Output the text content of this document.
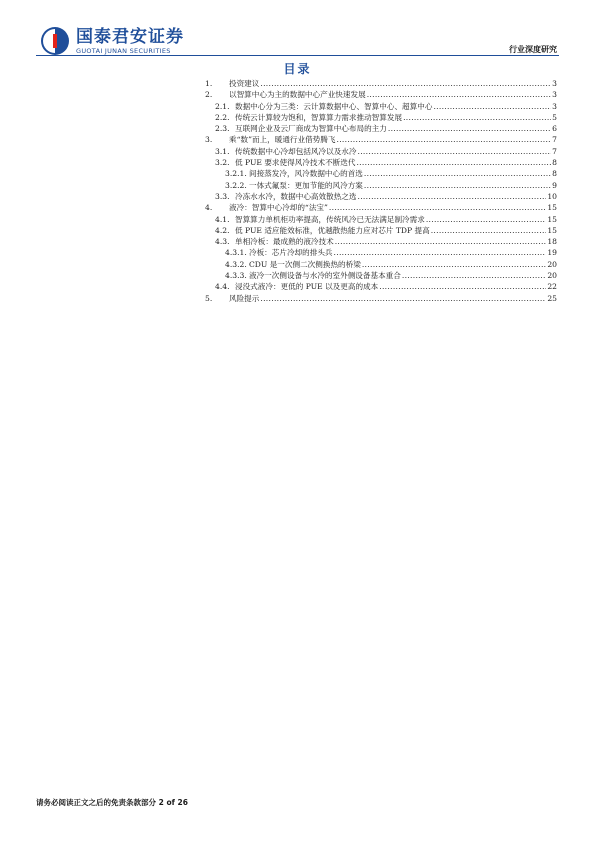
国泰君安证券
GUOTAI JUNAN SECURITIES	行业深度研究
目录
1.	投资建议 .....	3
2.	以智算中心为主的数据中心产业快速发展 .....	3
2.1. 数据中心分为三类：云计算数据中心、智算中心、超算中心 .....	3
2.2. 传统云计算较为饱和，智算算力需求推动智算发展 .....	5
2.3. 互联网企业及云厂商成为智算中心布局的主力 .....	6
3.	乘“数”而上，暖通行业借势腾飞 .....	7
3.1. 传统数据中心冷却包括风冷以及水冷 .....	7
3.2. 低 PUE 要求使得风冷技术不断迭代 .....	8
3.2.1. 间接蒸发冷，风冷数据中心的首选 .....	8
3.2.2. 一体式氟泵：更加节能的风冷方案 .....	9
3.3. 冷冻水水冷，数据中心高效散热之选 .....	10
4.	液冷：智算中心冷却的“法宝” .....	15
4.1. 智算算力单机柜功率提高，传统风冷已无法满足制冷需求 .....	15
4.2. 低 PUE 适应能效标准，优越散热能力应对芯片 TDP 提高 .....	15
4.3. 单相冷板：最成熟的液冷技术 .....	18
4.3.1. 冷板：芯片冷却的排头兵 .....	19
4.3.2. CDU 是一次侧二次侧换热的桥梁 .....	20
4.3.3. 液冷一次侧设备与水冷的室外侧设备基本重合 .....	20
4.4. 浸没式液冷：更低的 PUE 以及更高的成本 .....	22
5.	风险提示 .....	25
请务必阅读正文之后的免责条款部分 2 of 26
